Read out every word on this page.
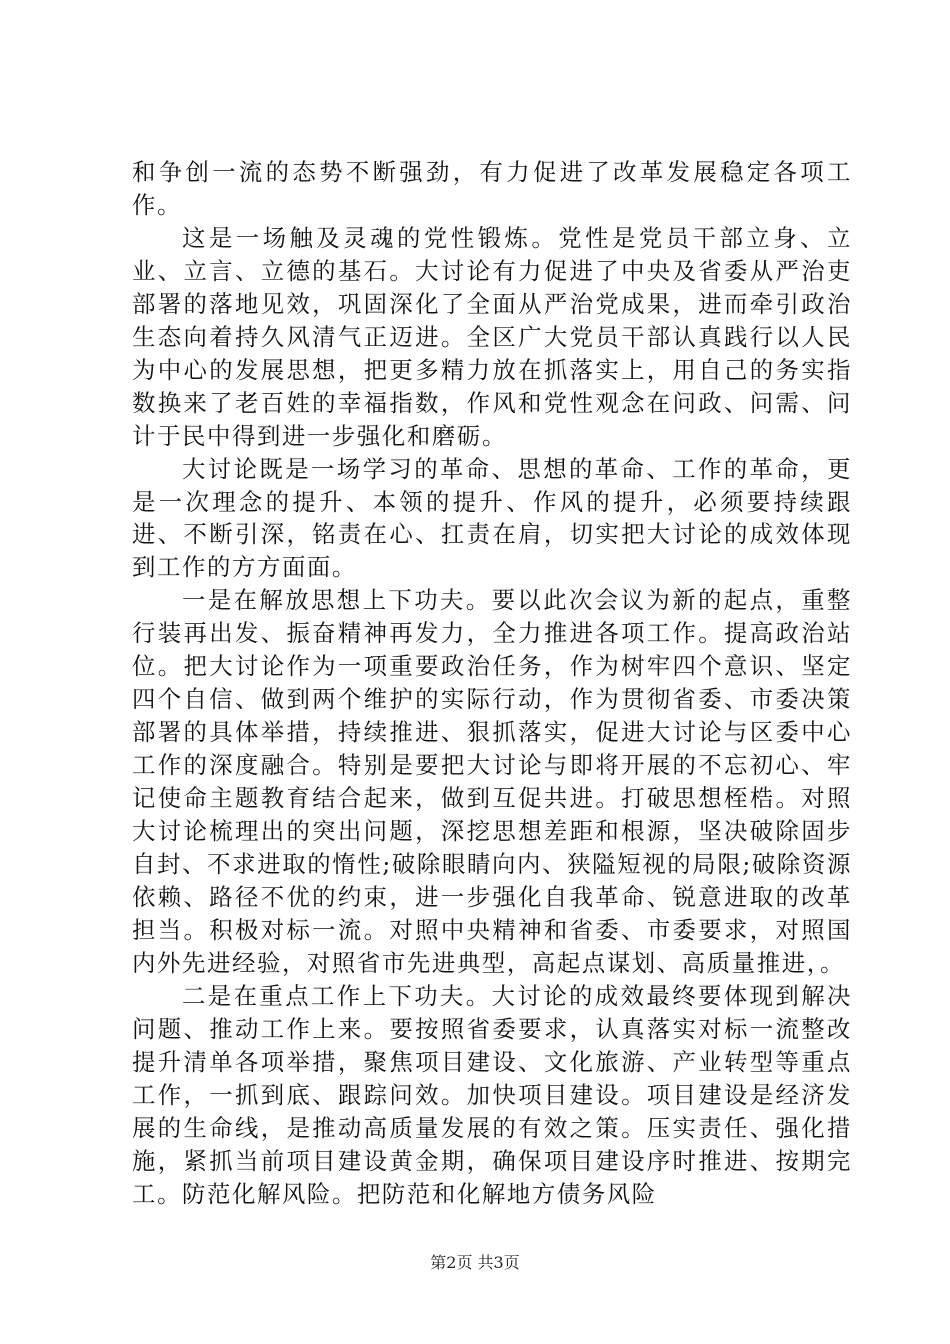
和争创一流的态势不断强劲，有力促进了改革发展稳定各项工作。

这是一场触及灵魂的党性锻炼。党性是党员干部立身、立业、立言、立德的基石。大讨论有力促进了中央及省委从严治吏部署的落地见效，巩固深化了全面从严治党成果，进而牵引政治生态向着持久风清气正迈进。全区广大党员干部认真践行以人民为中心的发展思想，把更多精力放在抓落实上，用自己的务实指数换来了老百姓的幸福指数，作风和党性观念在问政、问需、问计于民中得到进一步强化和磨砺。

大讨论既是一场学习的革命、思想的革命、工作的革命，更是一次理念的提升、本领的提升、作风的提升，必须要持续跟进、不断引深，铭责在心、扛责在肩，切实把大讨论的成效体现到工作的方方面面。

一是在解放思想上下功夫。要以此次会议为新的起点，重整行装再出发、振奋精神再发力，全力推进各项工作。提高政治站位。把大讨论作为一项重要政治任务，作为树牢四个意识、坚定四个自信、做到两个维护的实际行动，作为贯彻省委、市委决策部署的具体举措，持续推进、狠抓落实，促进大讨论与区委中心工作的深度融合。特别是要把大讨论与即将开展的不忘初心、牢记使命主题教育结合起来，做到互促共进。打破思想桎梏。对照大讨论梳理出的突出问题，深挖思想差距和根源，坚决破除固步自封、不求进取的惰性;破除眼睛向内、狭隘短视的局限;破除资源依赖、路径不优的约束，进一步强化自我革命、锐意进取的改革担当。积极对标一流。对照中央精神和省委、市委要求，对照国内外先进经验，对照省市先进典型，高起点谋划、高质量推进，。

二是在重点工作上下功夫。大讨论的成效最终要体现到解决问题、推动工作上来。要按照省委要求，认真落实对标一流整改提升清单各项举措，聚焦项目建设、文化旅游、产业转型等重点工作，一抓到底、跟踪问效。加快项目建设。项目建设是经济发展的生命线，是推动高质量发展的有效之策。压实责任、强化措施，紧抓当前项目建设黄金期，确保项目建设序时推进、按期完工。防范化解风险。把防范和化解地方债务风险

第2页 共3页
